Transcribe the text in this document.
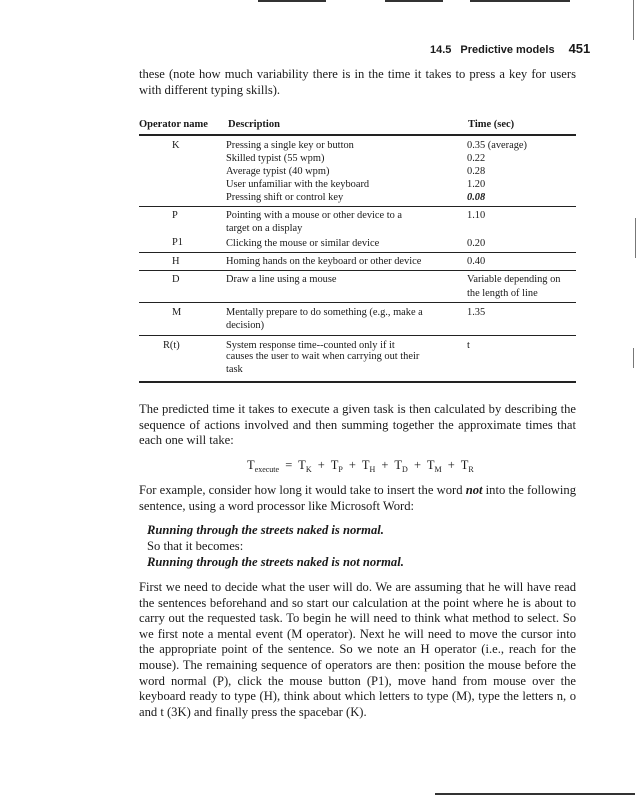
14.5 Predictive models 451
these (note how much variability there is in the time it takes to press a key for users with different typing skills).
Operator name Description	Time (sec)
K	Pressing a single key or button	0.35 (average)
Skilled typist (55 wpm)	0.22
Average typist (40 wpm)	0.28
User unfamiliar with the keyboard	1.20
Pressing shift or control key	0.08
P	Pointing with a mouse or other device to a	1.10
target on a display
P1	Clicking the mouse or similar device	0.20
H	Homing hands on the keyboard or other device	0.40
D	Draw a line using a mouse	Variable depending on
the length of line
M	Mentally prepare to do something (e.g., make a	1.35
decision)
R(t)	System response time--counted only if it	t
causes the user to wait when carrying out their
task
The predicted time it takes to execute a given task is then calculated by describing the sequence of actions involved and then summing together the approximate times that each one will take:
$T_{execute} = T_K + T_P + T_H + T_D + T_M + T_R$
For example, consider how long it would take to insert the word not into the following sentence, using a word processor like Microsoft Word:
Running through the streets naked is normal.
So that it becomes:
Running through the streets naked is not normal.
First we need to decide what the user will do. We are assuming that he will have read the sentences beforehand and so start our calculation at the point where he is about to carry out the requested task. To begin he will need to think what method to select. So we first note a mental event (M operator). Next he will need to move the cursor into the appropriate point of the sentence. So we note an H operator (i.e., reach for the mouse). The remaining sequence of operators are then: position the mouse before the word normal (P), click the mouse button (P1), move hand from mouse over the keyboard ready to type (H), think about which letters to type (M), type the letters n, o and t (3K) and finally press the spacebar (K).
